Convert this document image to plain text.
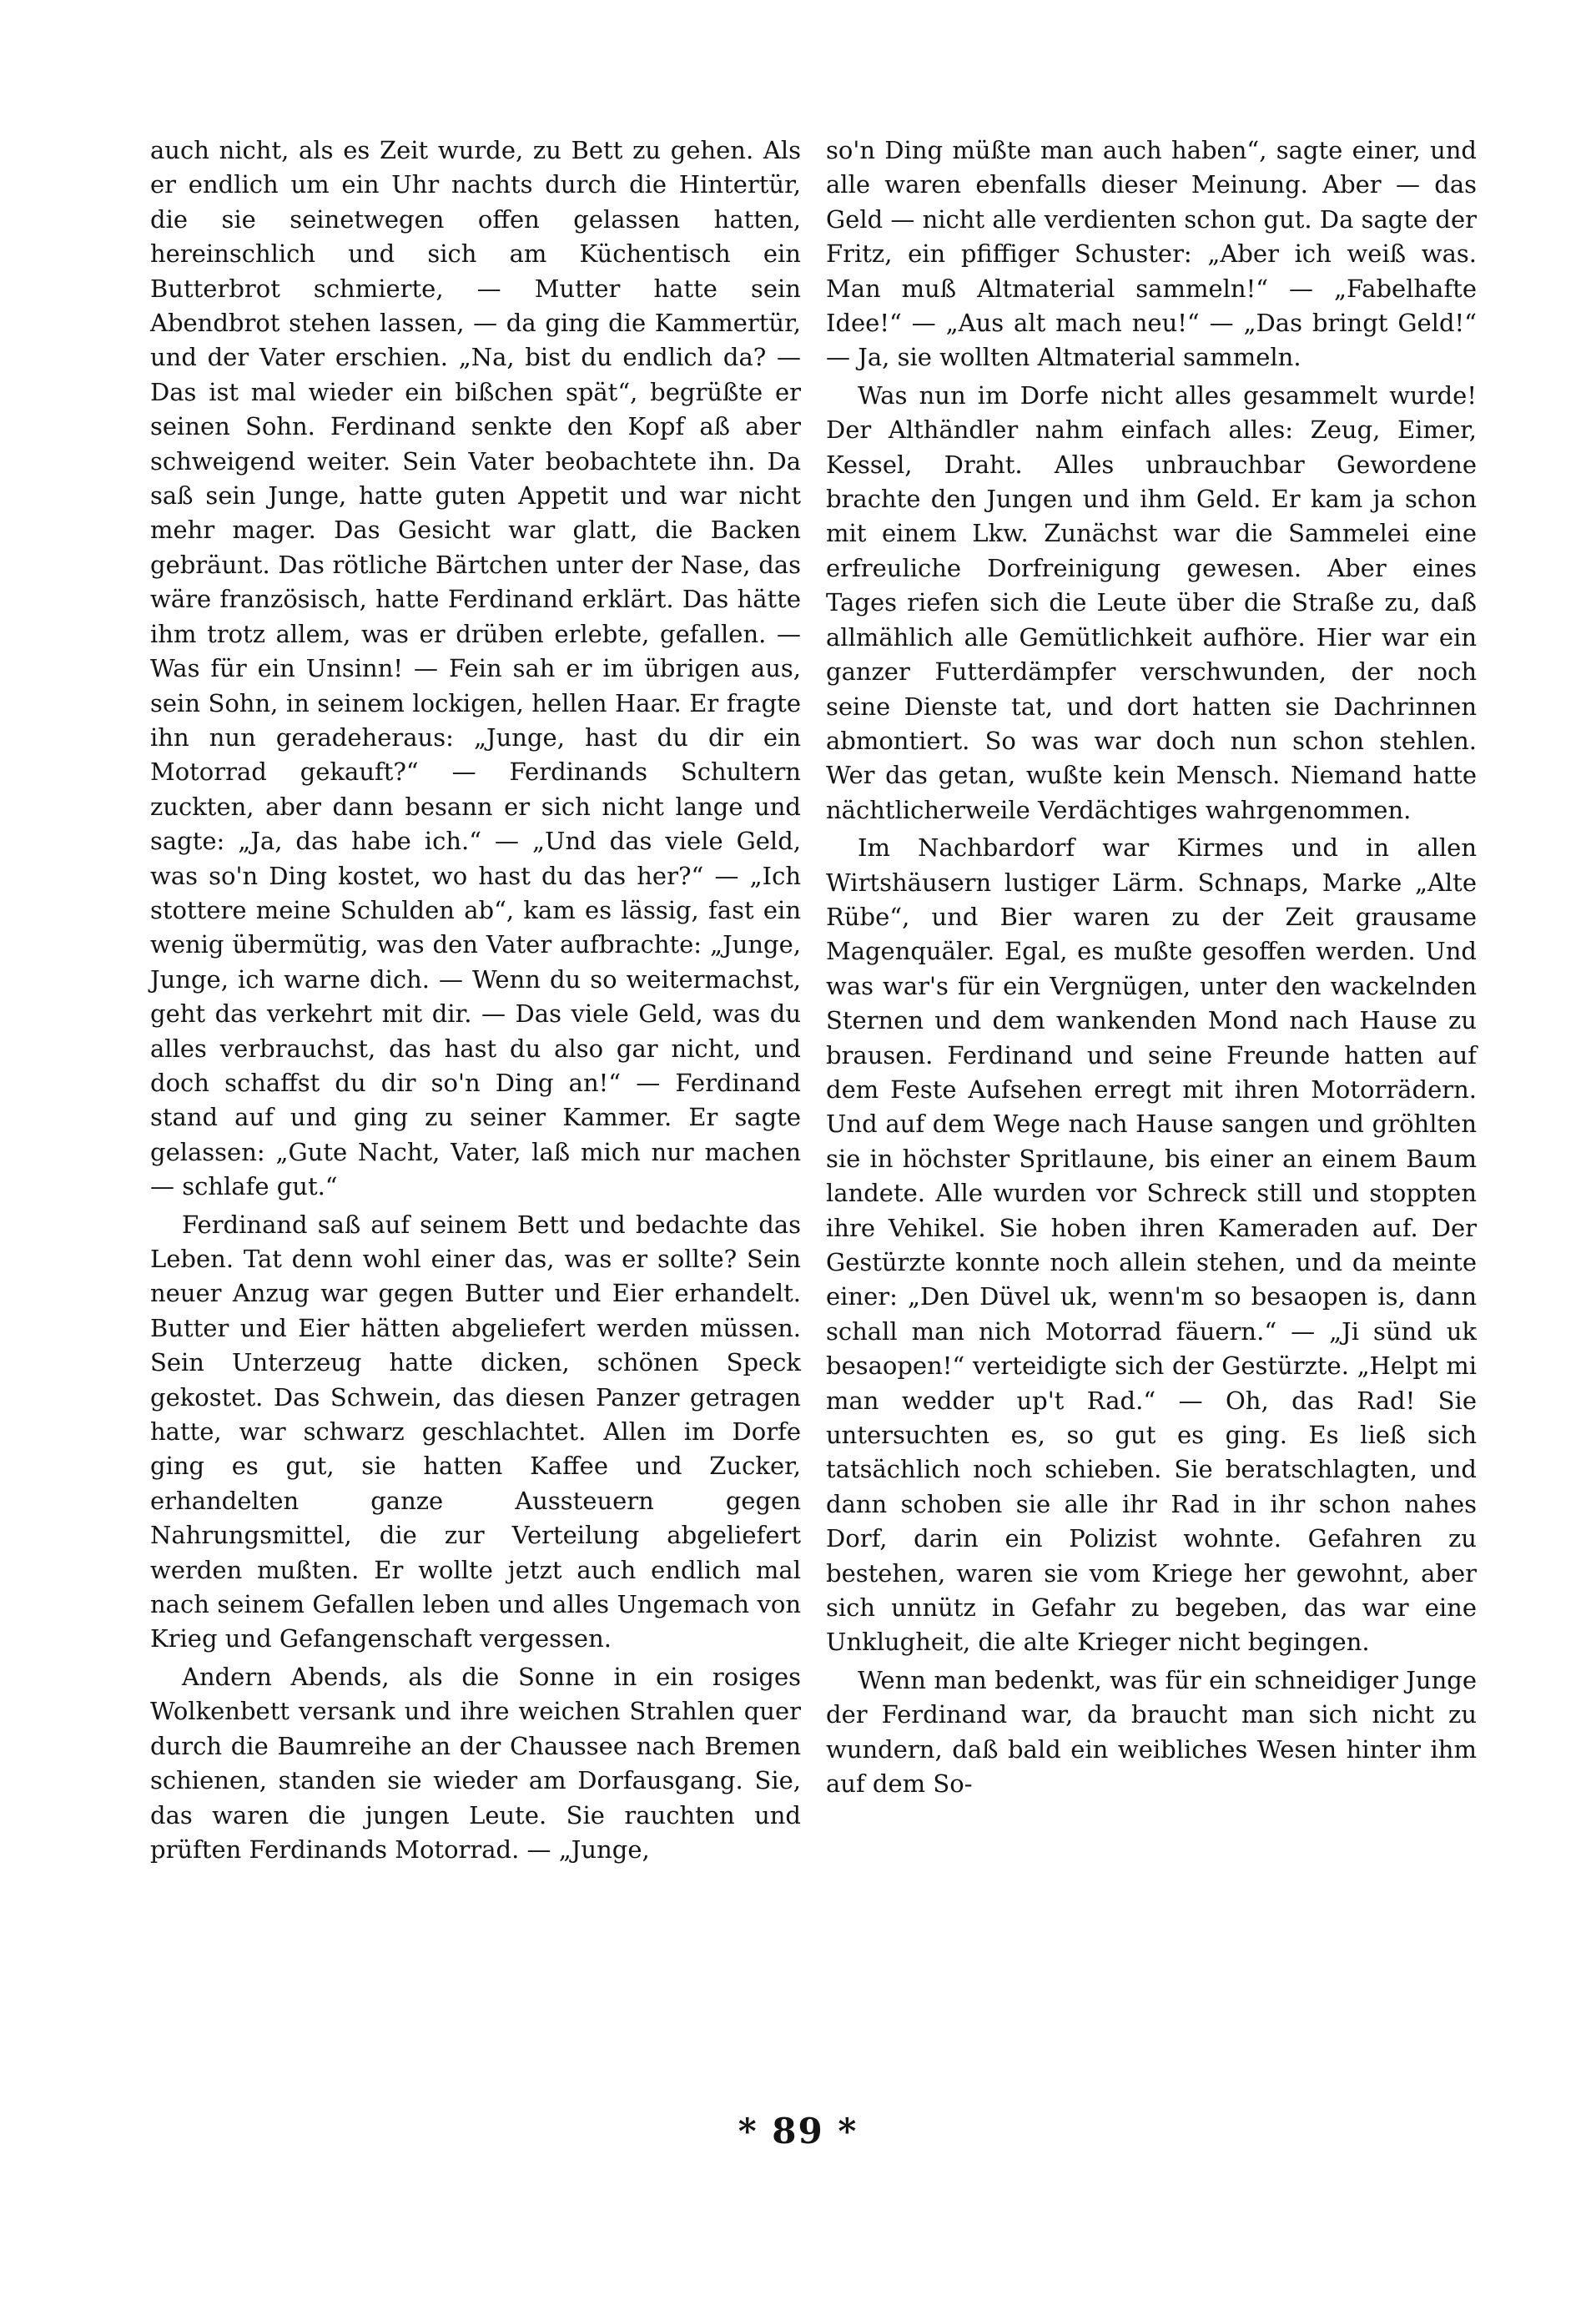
auch nicht, als es Zeit wurde, zu Bett zu gehen. Als er endlich um ein Uhr nachts durch die Hintertür, die sie seinetwegen offen gelassen hatten, hereinschlich und sich am Küchentisch ein Butterbrot schmierte, — Mutter hatte sein Abendbrot stehen lassen, — da ging die Kammertür, und der Vater erschien. „Na, bist du endlich da? — Das ist mal wieder ein bißchen spät“, begrüßte er seinen Sohn. Ferdinand senkte den Kopf aß aber schweigend weiter. Sein Vater beobachtete ihn. Da saß sein Junge, hatte guten Appetit und war nicht mehr mager. Das Gesicht war glatt, die Backen gebräunt. Das rötliche Bärtchen unter der Nase, das wäre französisch, hatte Ferdinand erklärt. Das hätte ihm trotz allem, was er drüben erlebte, gefallen. — Was für ein Unsinn! — Fein sah er im übrigen aus, sein Sohn, in seinem lockigen, hellen Haar. Er fragte ihn nun geradeheraus: „Junge, hast du dir ein Motorrad gekauft?“ — Ferdinands Schultern zuckten, aber dann besann er sich nicht lange und sagte: „Ja, das habe ich.“ — „Und das viele Geld, was so'n Ding kostet, wo hast du das her?“ — „Ich stottere meine Schulden ab“, kam es lässig, fast ein wenig übermütig, was den Vater aufbrachte: „Junge, Junge, ich warne dich. — Wenn du so weitermachst, geht das verkehrt mit dir. — Das viele Geld, was du alles verbrauchst, das hast du also gar nicht, und doch schaffst du dir so'n Ding an!“ — Ferdinand stand auf und ging zu seiner Kammer. Er sagte gelassen: „Gute Nacht, Vater, laß mich nur machen — schlafe gut.“

Ferdinand saß auf seinem Bett und bedachte das Leben. Tat denn wohl einer das, was er sollte? Sein neuer Anzug war gegen Butter und Eier erhandelt. Butter und Eier hätten abgeliefert werden müssen. Sein Unterzeug hatte dicken, schönen Speck gekostet. Das Schwein, das diesen Panzer getragen hatte, war schwarz geschlachtet. Allen im Dorfe ging es gut, sie hatten Kaffee und Zucker, erhandelten ganze Aussteuern gegen Nahrungsmittel, die zur Verteilung abgeliefert werden mußten. Er wollte jetzt auch endlich mal nach seinem Gefallen leben und alles Ungemach von Krieg und Gefangenschaft vergessen.

Andern Abends, als die Sonne in ein rosiges Wolkenbett versank und ihre weichen Strahlen quer durch die Baumreihe an der Chaussee nach Bremen schienen, standen sie wieder am Dorfausgang. Sie, das waren die jungen Leute. Sie rauchten und prüften Ferdinands Motorrad. — „Junge,

so'n Ding müßte man auch haben“, sagte einer, und alle waren ebenfalls dieser Meinung. Aber — das Geld — nicht alle verdienten schon gut. Da sagte der Fritz, ein pfiffiger Schuster: „Aber ich weiß was. Man muß Altmaterial sammeln!“ — „Fabelhafte Idee!“ — „Aus alt mach neu!“ — „Das bringt Geld!“ — Ja, sie wollten Altmaterial sammeln.

Was nun im Dorfe nicht alles gesammelt wurde! Der Althändler nahm einfach alles: Zeug, Eimer, Kessel, Draht. Alles unbrauchbar Gewordene brachte den Jungen und ihm Geld. Er kam ja schon mit einem Lkw. Zunächst war die Sammelei eine erfreuliche Dorfreinigung gewesen. Aber eines Tages riefen sich die Leute über die Straße zu, daß allmählich alle Gemütlichkeit aufhöre. Hier war ein ganzer Futterdämpfer verschwunden, der noch seine Dienste tat, und dort hatten sie Dachrinnen abmontiert. So was war doch nun schon stehlen. Wer das getan, wußte kein Mensch. Niemand hatte nächtlicherweile Verdächtiges wahrgenommen.

Im Nachbardorf war Kirmes und in allen Wirtshäusern lustiger Lärm. Schnaps, Marke „Alte Rübe“, und Bier waren zu der Zeit grausame Magenquäler. Egal, es mußte gesoffen werden. Und was war's für ein Vergnügen, unter den wackelnden Sternen und dem wankenden Mond nach Hause zu brausen. Ferdinand und seine Freunde hatten auf dem Feste Aufsehen erregt mit ihren Motorrädern. Und auf dem Wege nach Hause sangen und gröhlten sie in höchster Spritlaune, bis einer an einem Baum landete. Alle wurden vor Schreck still und stoppten ihre Vehikel. Sie hoben ihren Kameraden auf. Der Gestürzte konnte noch allein stehen, und da meinte einer: „Den Düvel uk, wenn'm so besaopen is, dann schall man nich Motorrad fäuern.“ — „Ji sünd uk besaopen!“ verteidigte sich der Gestürzte. „Helpt mi man wedder up't Rad.“ — Oh, das Rad! Sie untersuchten es, so gut es ging. Es ließ sich tatsächlich noch schieben. Sie beratschlagten, und dann schoben sie alle ihr Rad in ihr schon nahes Dorf, darin ein Polizist wohnte. Gefahren zu bestehen, waren sie vom Kriege her gewohnt, aber sich unnütz in Gefahr zu begeben, das war eine Unklugheit, die alte Krieger nicht begingen.

Wenn man bedenkt, was für ein schneidiger Junge der Ferdinand war, da braucht man sich nicht zu wundern, daß bald ein weibliches Wesen hinter ihm auf dem So-

* 89 *
